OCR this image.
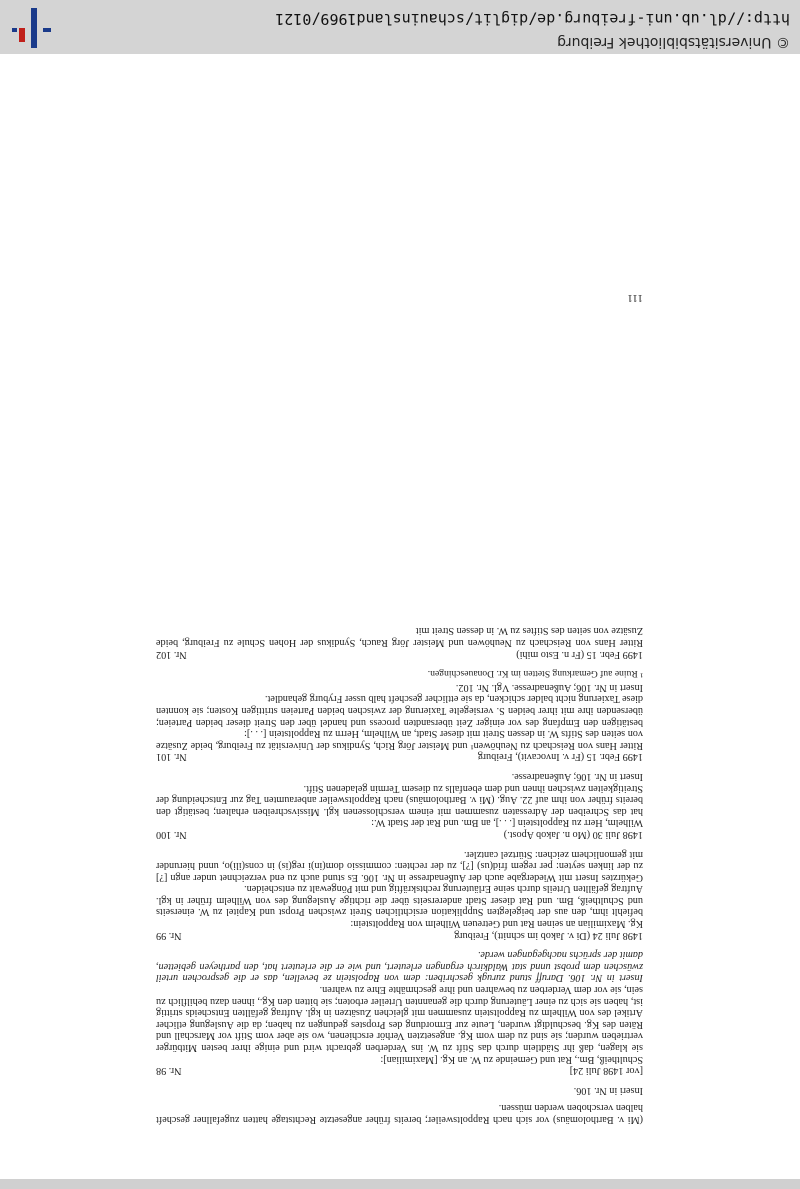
(Mi v. Bartholomäus) vor sich nach Rappoltsweiler; bereits früher angesetzte Rechtstage hatten zugefallner gescheft halben verschoben werden müssen.

Inseri in Nr. 106.

[vor 1498 Juli 24]
Nr. 98

Schultheiß, Bm., Rat und Gemeinde zu W. an Kg. [Maximilian]:

sie klagen, daß ihr Städtlein durch das Stift zu W. ins Verderben gebracht wird und einige ihrer besten Mitbürger vertrieben wurden; sie sind zu dem vom Kg. angesetzten Verhör erschienen, wo sie aber vom Stift vor Marschall und Räten des Kg. beschuldigt wurden, Leute zur Ermordung des Propstes gedungen zu haben; da die Auslegung etlicher Artikel des von Wilhelm zu Rappoltstein zusammen mit gleichen Zusätzen in kgl. Auftrag gefällten Entscheids strittig ist, haben sie sich zu einer Läuterung durch die genannten Urteiler erboten; sie bitten den Kg., ihnen dazu behilflich zu sein, sie vor dem Verderben zu bewahren und ihre geschmähte Ehre zu wahren.

Insert in Nr. 106. Daruff stund zurugk geschriben: dem von Rapolstein ze bevellen, das er die gesprochen urteil zwüschen dem probst unnd stat Waldkirch ergangen erleutert, und wie er die erleutert hat, den partheyen gebietten, damit der sprüchs nachgegangen werde.

1498 Juli 24 (Di v. Jakob im schnitt), Freiburg
Nr. 99

Kg. Maximilian an seinen Rat und Getreuen Wilhelm von Rappoltstein:

befiehlt ihm, den aus der beigelegten Supplikation ersichtlichen Streit zwischen Propst und Kapitel zu W. einerseits und Schultheiß, Bm. und Rat dieser Stadt andererseits über die richtige Auslegung des von Wilhelm früher in kgl. Auftrag gefällten Urteils durch seine Erläuterung rechtskräftig und mit Pöngewalt zu entscheiden.

Gekürztes Insert mit Wiedergabe auch der Außenadresse in Nr. 106. Es stund auch zu end verzeichnet under angn [?] zu der linken seyten: per regem frid(us) [?], zu der rechten: commissio dom(in)i reg(is) in cons(ili)o, unnd hierunder mit gemonlichem zeichen: Stürtzel cantzler.

1498 Juli 30 (Mo n. Jakob Apost.)
Nr. 100

Wilhelm, Herr zu Rappoltstein [. . .], an Bm. und Rat der Stadt W.:

hat das Schreiben der Adressaten zusammen mit einem verschlossenen kgl. Missivschreiben erhalten; bestätigt den bereits früher von ihm auf 22. Aug. (Mi v. Bartholomäus) nach Rappoltsweiler anberaumten Tag zur Entscheidung der Streitigkeiten zwischen ihnen und dem ebenfalls zu diesem Termin geladenen Stift.

Insert in Nr. 106; Außenadresse.

1499 Febr. 15 (Fr v. Invocavit), Freiburg
Nr. 101

Ritter Hans von Reischach zu Neuhöwen¹ und Meister Jörg Rich, Syndikus der Universität zu Freiburg, beide Zusätze von seiten des Stifts W. in dessen Streit mit dieser Stadt, an Wilhelm, Herrn zu Rappoltstein [. . .]:

bestätigen den Empfang des vor einiger Zeit übersandten process und handel über den Streit dieser beiden Parteien; übersenden ihre mit ihrer beiden S. versiegelte Taxierung der zwischen beiden Parteien strittigen Kosten; sie konnten diese Taxierung nicht balder schicken, da sie ettlicher gescheft halb usser Fryburg gehandlet.

Insert in Nr. 106; Außenadresse. Vgl. Nr. 102.

¹ Ruine auf Gemarkung Stetten im Kr. Donaueschingen.

1499 Febr. 15 (Fr n. Esto mihi)
Nr. 102

Ritter Hans von Reischach zu Neuhöwen und Meister Jörg Rauch, Syndikus der Hohen Schule zu Freiburg, beide Zusätze von seiten des Stiftes zu W. in dessen Streit mit

111
© Universitätsbibliothek Freiburg
http://dl.ub.uni-freiburg.de/diglit/schauinsland1969/0121
